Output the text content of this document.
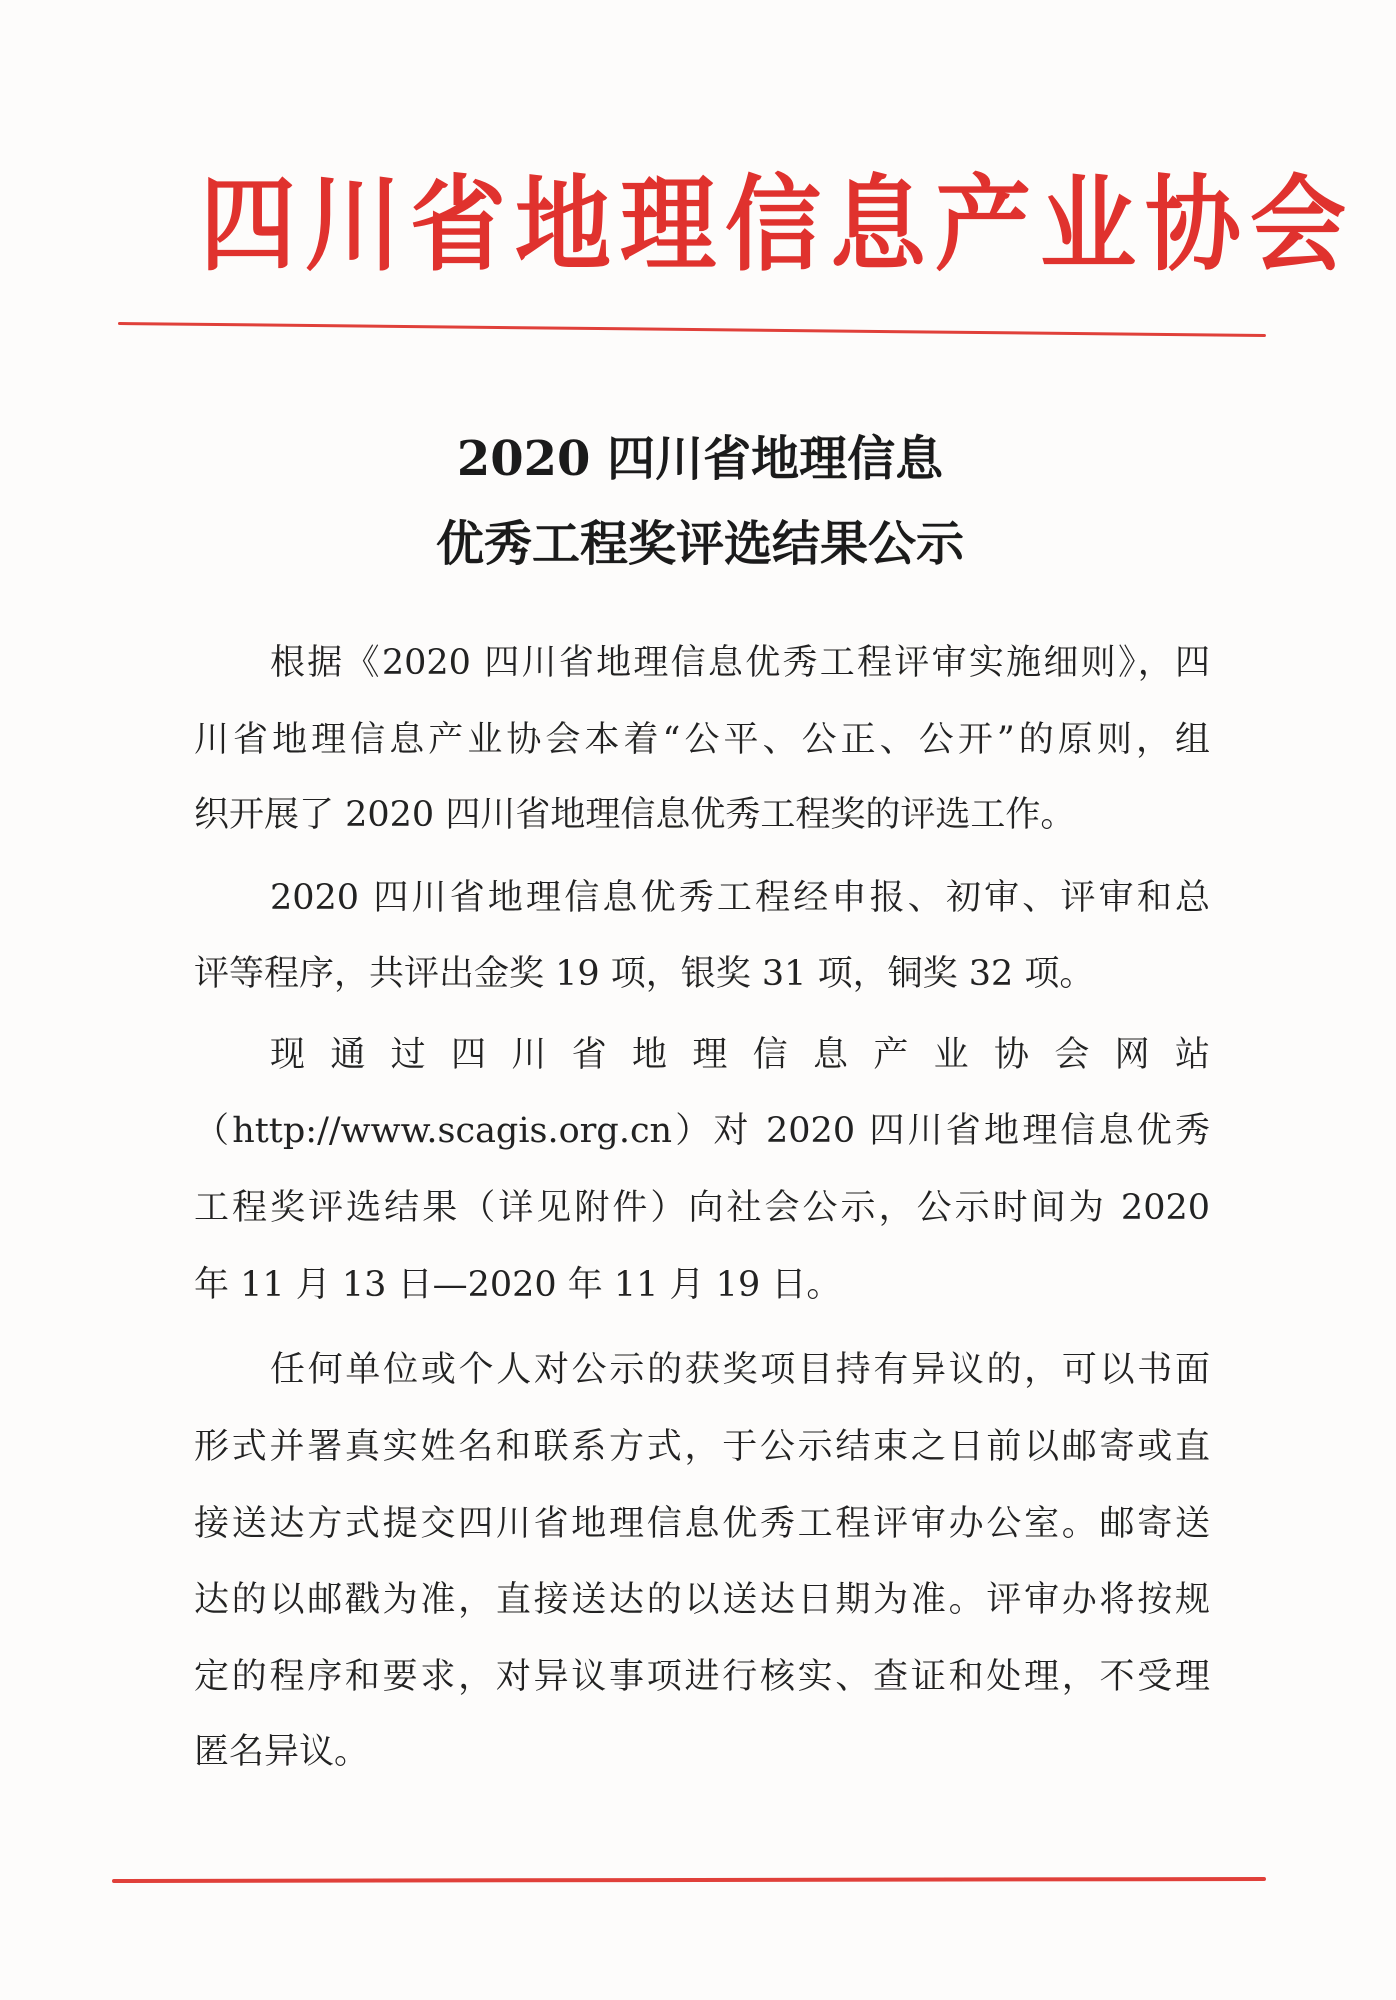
四川省地理信息产业协会
2020 四川省地理信息
优秀工程奖评选结果公示
根据《2020 四川省地理信息优秀工程评审实施细则》，四
川省地理信息产业协会本着“公平、公正、公开”的原则，组
织开展了 2020 四川省地理信息优秀工程奖的评选工作。
2020 四川省地理信息优秀工程经申报、初审、评审和总
评等程序，共评出金奖 19 项，银奖 31 项，铜奖 32 项。
现通过四川省地理信息产业协会网站
（http://www.scagis.org.cn）对 2020 四川省地理信息优秀
工程奖评选结果（详见附件）向社会公示，公示时间为 2020
年 11 月 13 日—2020 年 11 月 19 日。
任何单位或个人对公示的获奖项目持有异议的，可以书面
形式并署真实姓名和联系方式，于公示结束之日前以邮寄或直
接送达方式提交四川省地理信息优秀工程评审办公室。邮寄送
达的以邮戳为准，直接送达的以送达日期为准。评审办将按规
定的程序和要求，对异议事项进行核实、查证和处理，不受理
匿名异议。
